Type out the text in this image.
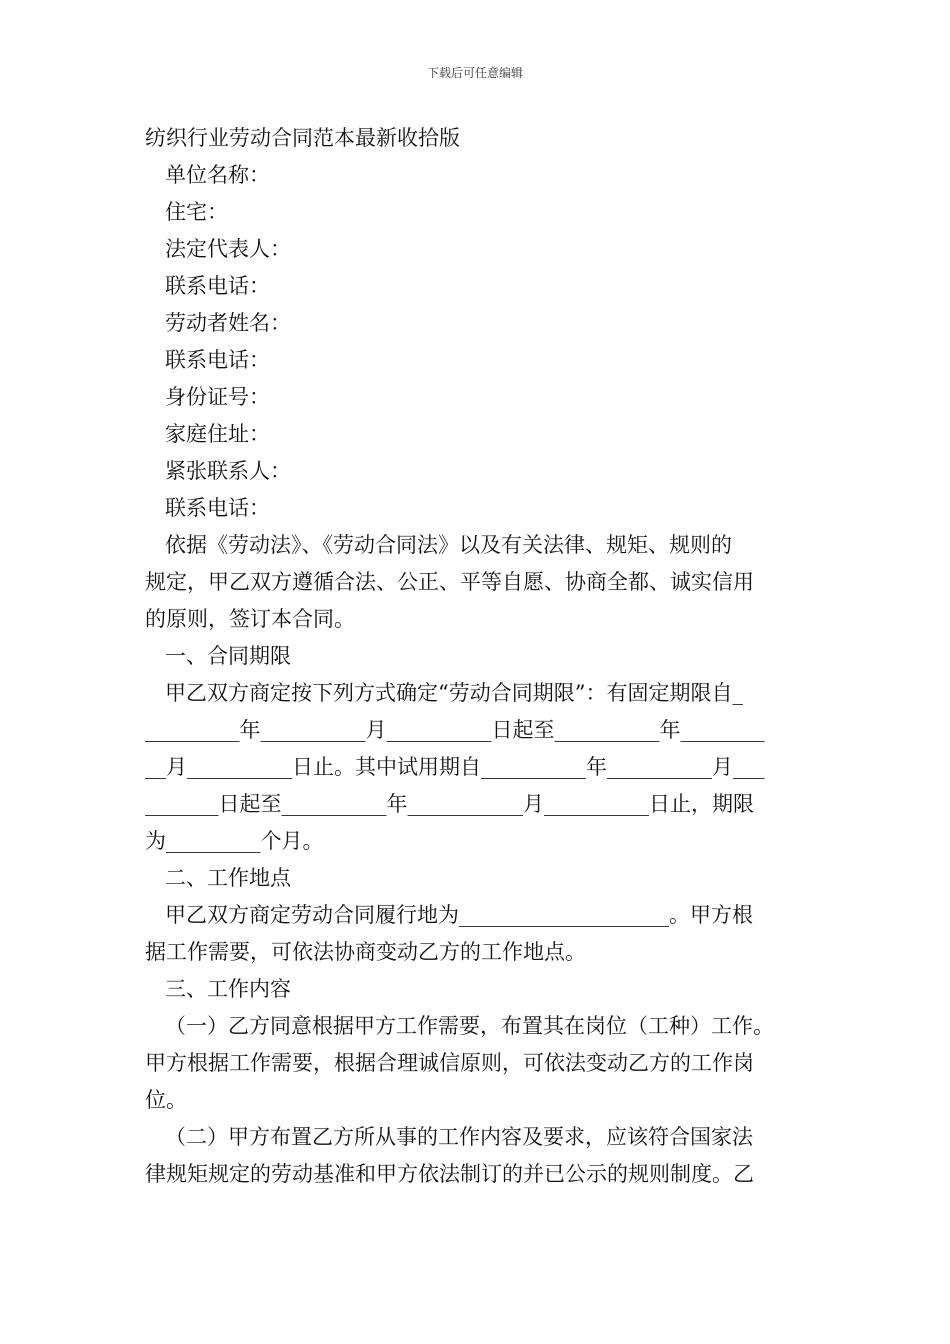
下载后可任意编辑

纺织行业劳动合同范本最新收拾版

单位名称：

住宅：

法定代表人：

联系电话：

劳动者姓名：

联系电话：

身份证号：

家庭住址：

紧张联系人：

联系电话：

依据《劳动法》、《劳动合同法》以及有关法律、规矩、规则的

规定，甲乙双方遵循合法、公正、平等自愿、协商全都、诚实信用

的原则，签订本合同。

一、合同期限

甲乙双方商定按下列方式确定“劳动合同期限”：有固定期限自_

_________年__________月__________日起至__________年________

__月__________日止。其中试用期自__________年__________月___

_______日起至__________年___________月__________日止，期限

为_________个月。

二、工作地点

甲乙双方商定劳动合同履行地为____________________。甲方根

据工作需要，可依法协商变动乙方的工作地点。

三、工作内容

（一）乙方同意根据甲方工作需要，布置其在岗位（工种）工作。

甲方根据工作需要，根据合理诚信原则，可依法变动乙方的工作岗

位。

（二）甲方布置乙方所从事的工作内容及要求，应该符合国家法

律规矩规定的劳动基准和甲方依法制订的并已公示的规则制度。乙
